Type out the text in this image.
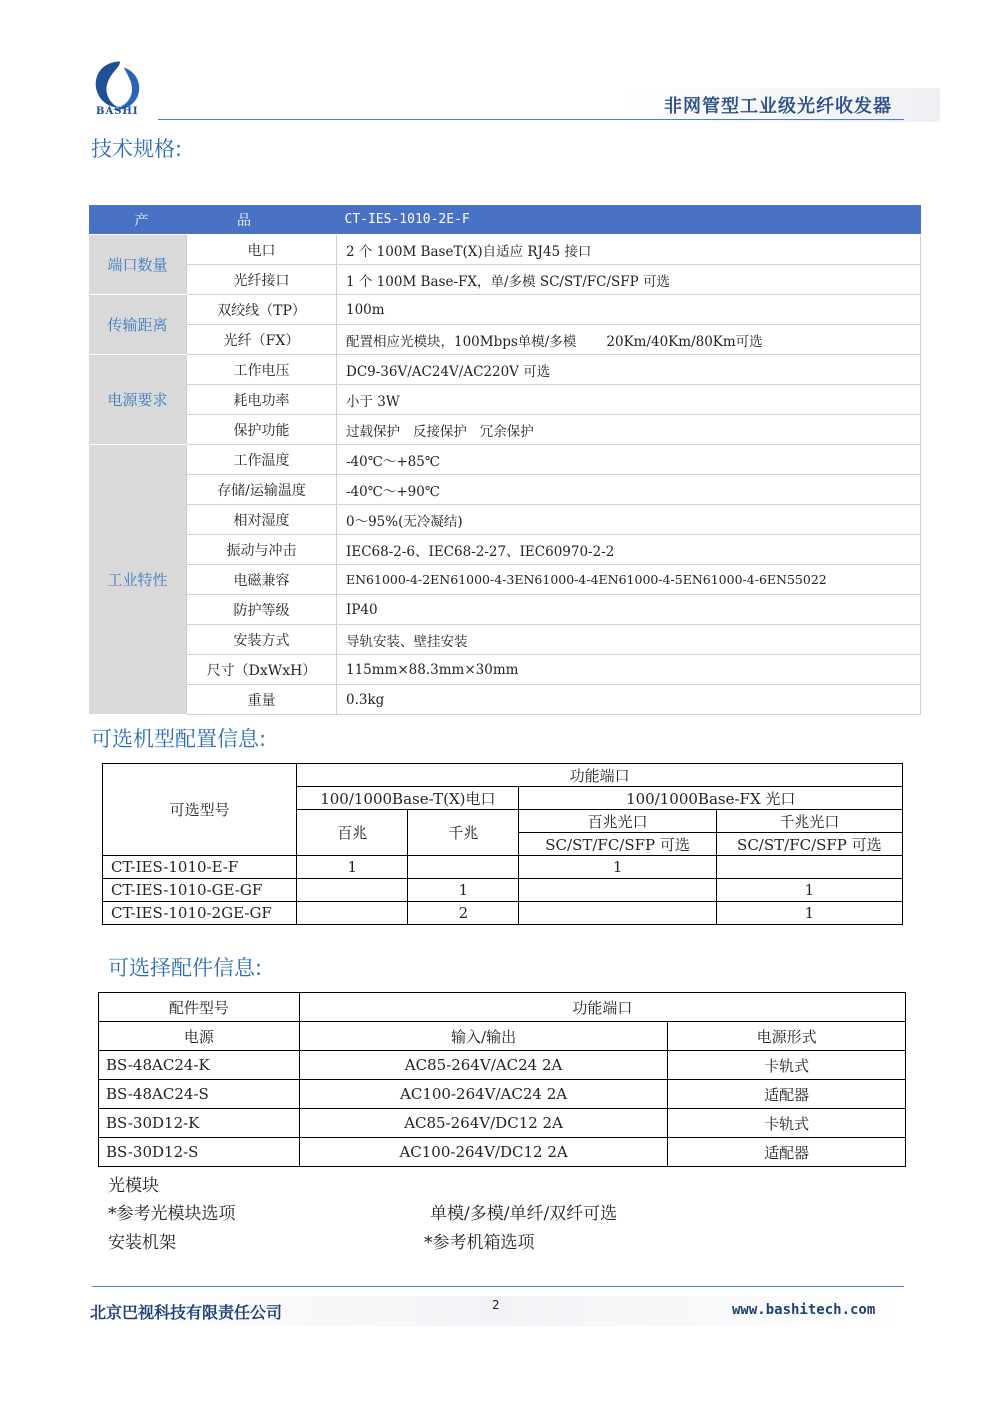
BASHI	非网管型工业级光纤收发器
技术规格:
产 品		CT-IES-1010-2E-F
端口数量	电口	2 个 100M BaseT(X)自适应 RJ45 接口
	光纤接口	1 个 100M Base-FX，单/多模 SC/ST/FC/SFP 可选
传输距离	双绞线（TP）	100m
	光纤（FX）	配置相应光模块，100Mbps单模/多模       20Km/40Km/80Km可选
电源要求	工作电压	DC9-36V/AC24V/AC220V 可选
	耗电功率	小于 3W
	保护功能	过载保护   反接保护   冗余保护
工业特性	工作温度	-40℃～+85℃
	存储/运输温度	-40℃～+90℃
	相对湿度	0～95%(无冷凝结)
	振动与冲击	IEC68-2-6、IEC68-2-27、IEC60970-2-2
	电磁兼容	EN61000-4-2EN61000-4-3EN61000-4-4EN61000-4-5EN61000-4-6EN55022
	防护等级	IP40
	安装方式	导轨安装、壁挂安装
	尺寸（DxWxH）	115mm×88.3mm×30mm
	重量	0.3kg
可选机型配置信息:
可选型号	功能端口			
	100/1000Base-T(X)电口		100/1000Base-FX 光口	
	百兆	千兆	百兆光口	千兆光口
			SC/ST/FC/SFP 可选	SC/ST/FC/SFP 可选
CT-IES-1010-E-F	1		1	
CT-IES-1010-GE-GF		1		1
CT-IES-1010-2GE-GF		2		1
可选择配件信息:
配件型号	功能端口	
电源	输入/输出	电源形式
BS-48AC24-K	AC85-264V/AC24 2A	卡轨式
BS-48AC24-S	AC100-264V/AC24 2A	适配器
BS-30D12-K	AC85-264V/DC12 2A	卡轨式
BS-30D12-S	AC100-264V/DC12 2A	适配器
光模块
*参考光模块选项	单模/多模/单纤/双纤可选
安装机架	*参考机箱选项
北京巴视科技有限责任公司	2	www.bashitech.com
